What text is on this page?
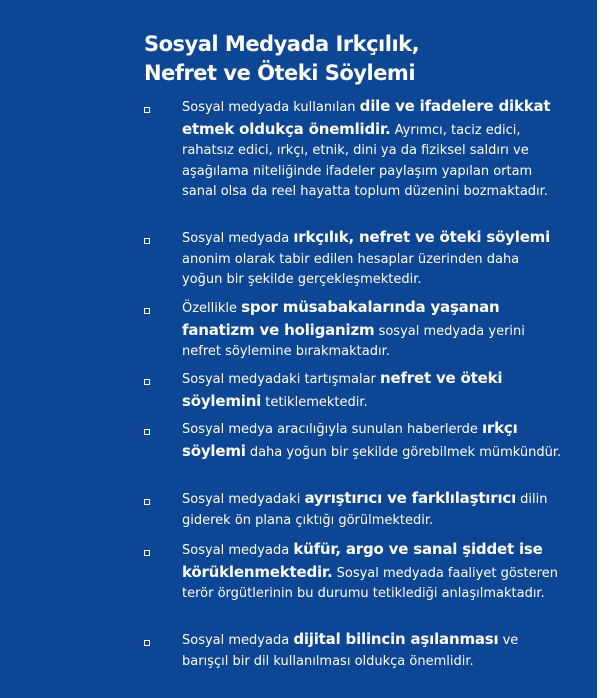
Sosyal Medyada Irkçılık,
Nefret ve Öteki Söylemi
Sosyal medyada kullanılan dile ve ifadelere dikkat etmek oldukça önemlidir. Ayrımcı, taciz edici, rahatsız edici, ırkçı, etnik, dini ya da fiziksel saldırı ve aşağılama niteliğinde ifadeler paylaşım yapılan ortam sanal olsa da reel hayatta toplum düzenini bozmaktadır.
Sosyal medyada ırkçılık, nefret ve öteki söylemi anonim olarak tabir edilen hesaplar üzerinden daha yoğun bir şekilde gerçekleşmektedir.
Özellikle spor müsabakalarında yaşanan fanatizm ve holiganizm sosyal medyada yerini nefret söylemine bırakmaktadır.
Sosyal medyadaki tartışmalar nefret ve öteki söylemini tetiklemektedir.
Sosyal medya aracılığıyla sunulan haberlerde ırkçı söylemi daha yoğun bir şekilde görebilmek mümkündür.
Sosyal medyadaki ayrıştırıcı ve farklılaştırıcı dilin giderek ön plana çıktığı görülmektedir.
Sosyal medyada küfür, argo ve sanal şiddet ise körüklenmektedir. Sosyal medyada faaliyet gösteren terör örgütlerinin bu durumu tetiklediği anlaşılmaktadır.
Sosyal medyada dijital bilincin aşılanması ve barışçıl bir dil kullanılması oldukça önemlidir.
